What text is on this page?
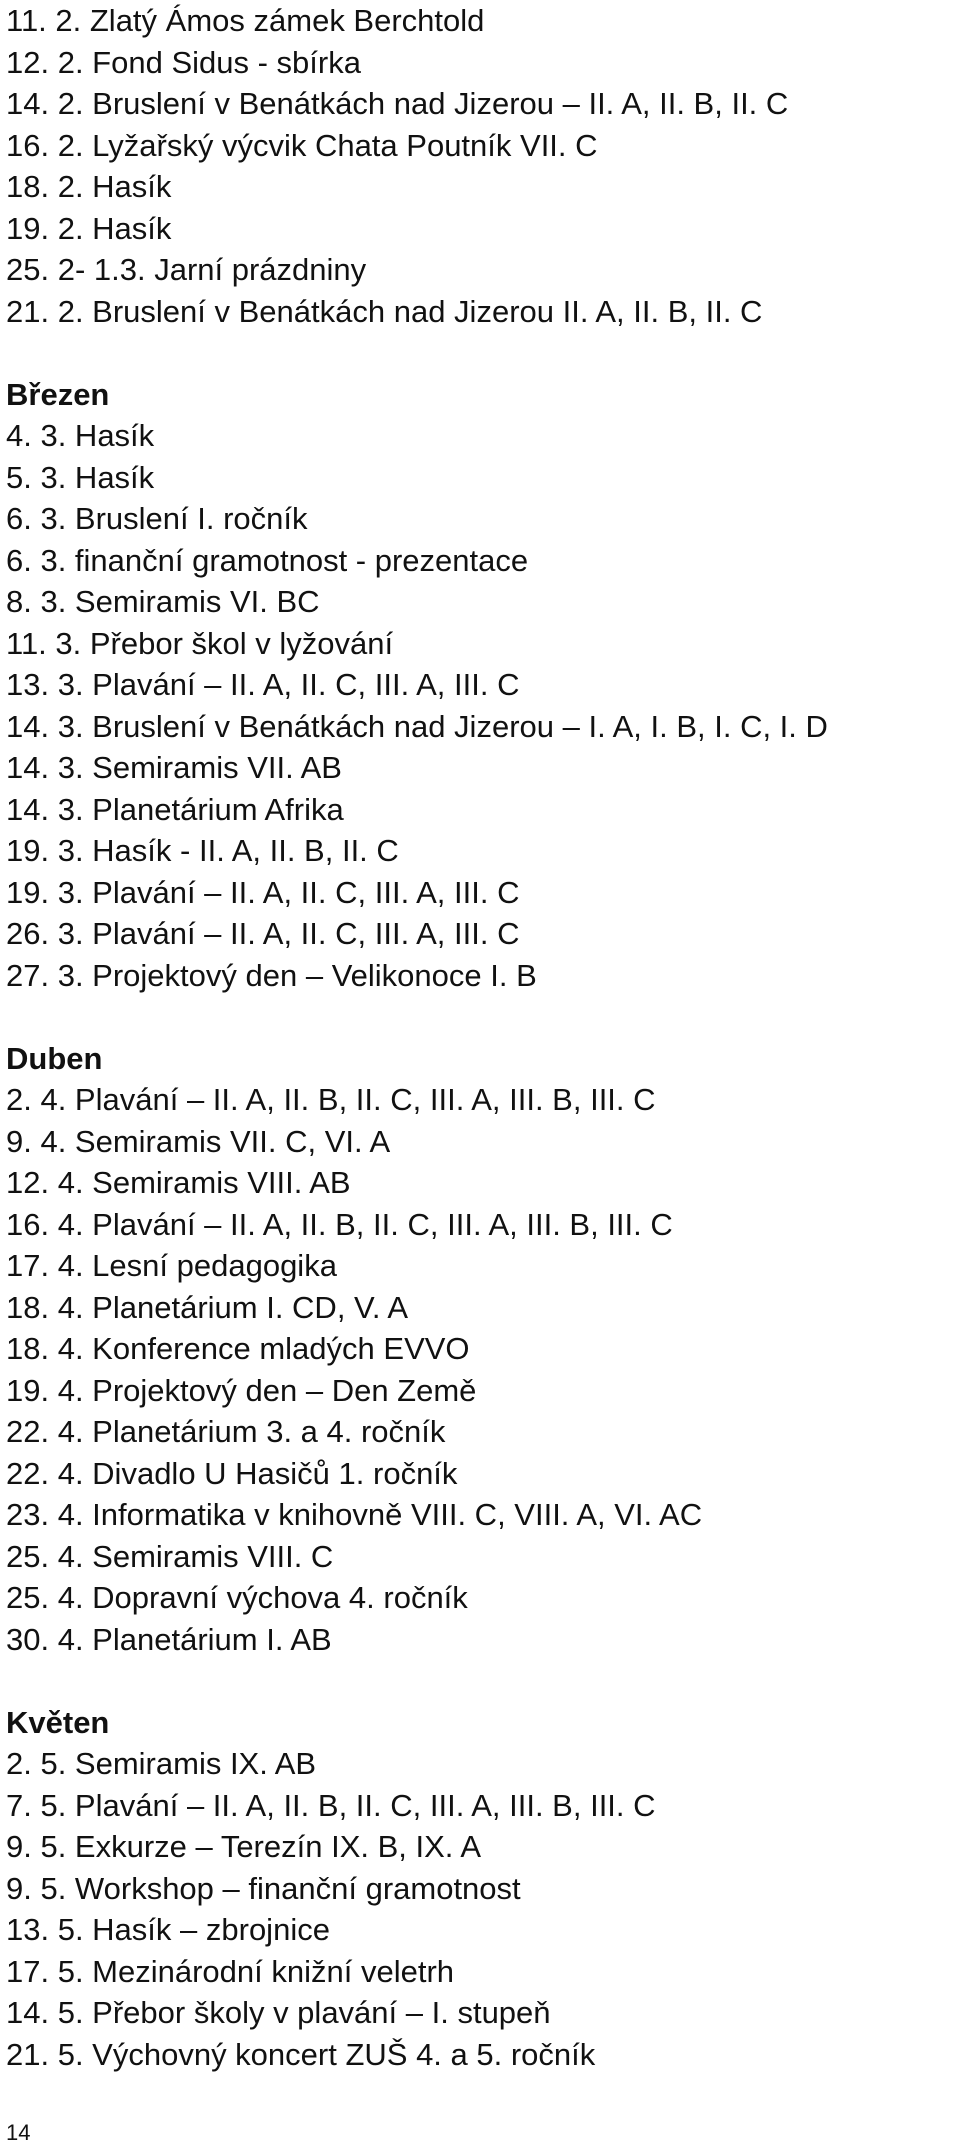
11. 2. Zlatý Ámos zámek Berchtold
12. 2. Fond Sidus - sbírka
14. 2. Bruslení v Benátkách nad Jizerou – II. A, II. B, II. C
16. 2. Lyžařský výcvik Chata Poutník VII. C
18. 2. Hasík
19. 2. Hasík
25. 2- 1.3. Jarní prázdniny
21. 2. Bruslení v Benátkách nad Jizerou II. A, II. B, II. C
Březen
4. 3. Hasík
5. 3. Hasík
6. 3. Bruslení I. ročník
6. 3. finanční gramotnost - prezentace
8. 3. Semiramis VI. BC
11. 3. Přebor škol v lyžování
13. 3. Plavání – II. A, II. C, III. A, III. C
14. 3. Bruslení v Benátkách nad Jizerou – I. A, I. B, I. C, I. D
14. 3. Semiramis VII. AB
14. 3. Planetárium Afrika
19. 3. Hasík - II. A, II. B, II. C
19. 3. Plavání – II. A, II. C, III. A, III. C
26. 3. Plavání – II. A, II. C, III. A, III. C
27. 3. Projektový den – Velikonoce I. B
Duben
2. 4. Plavání – II. A, II. B, II. C, III. A, III. B, III. C
9. 4. Semiramis VII. C, VI. A
12. 4. Semiramis VIII. AB
16. 4. Plavání – II. A, II. B, II. C, III. A, III. B, III. C
17. 4. Lesní pedagogika
18. 4. Planetárium I. CD, V. A
18. 4. Konference mladých EVVO
19. 4. Projektový den – Den Země
22. 4. Planetárium 3. a 4. ročník
22. 4. Divadlo U Hasičů 1. ročník
23. 4. Informatika v knihovně VIII. C, VIII. A, VI. AC
25. 4. Semiramis VIII. C
25. 4. Dopravní výchova 4. ročník
30. 4. Planetárium I. AB
Květen
2. 5. Semiramis IX. AB
7. 5. Plavání – II. A, II. B, II. C, III. A, III. B, III. C
9. 5. Exkurze – Terezín IX. B, IX. A
9. 5. Workshop – finanční gramotnost
13. 5. Hasík – zbrojnice
17. 5. Mezinárodní knižní veletrh
14. 5. Přebor školy v plavání – I. stupeň
21. 5. Výchovný koncert ZUŠ 4. a 5. ročník
14
